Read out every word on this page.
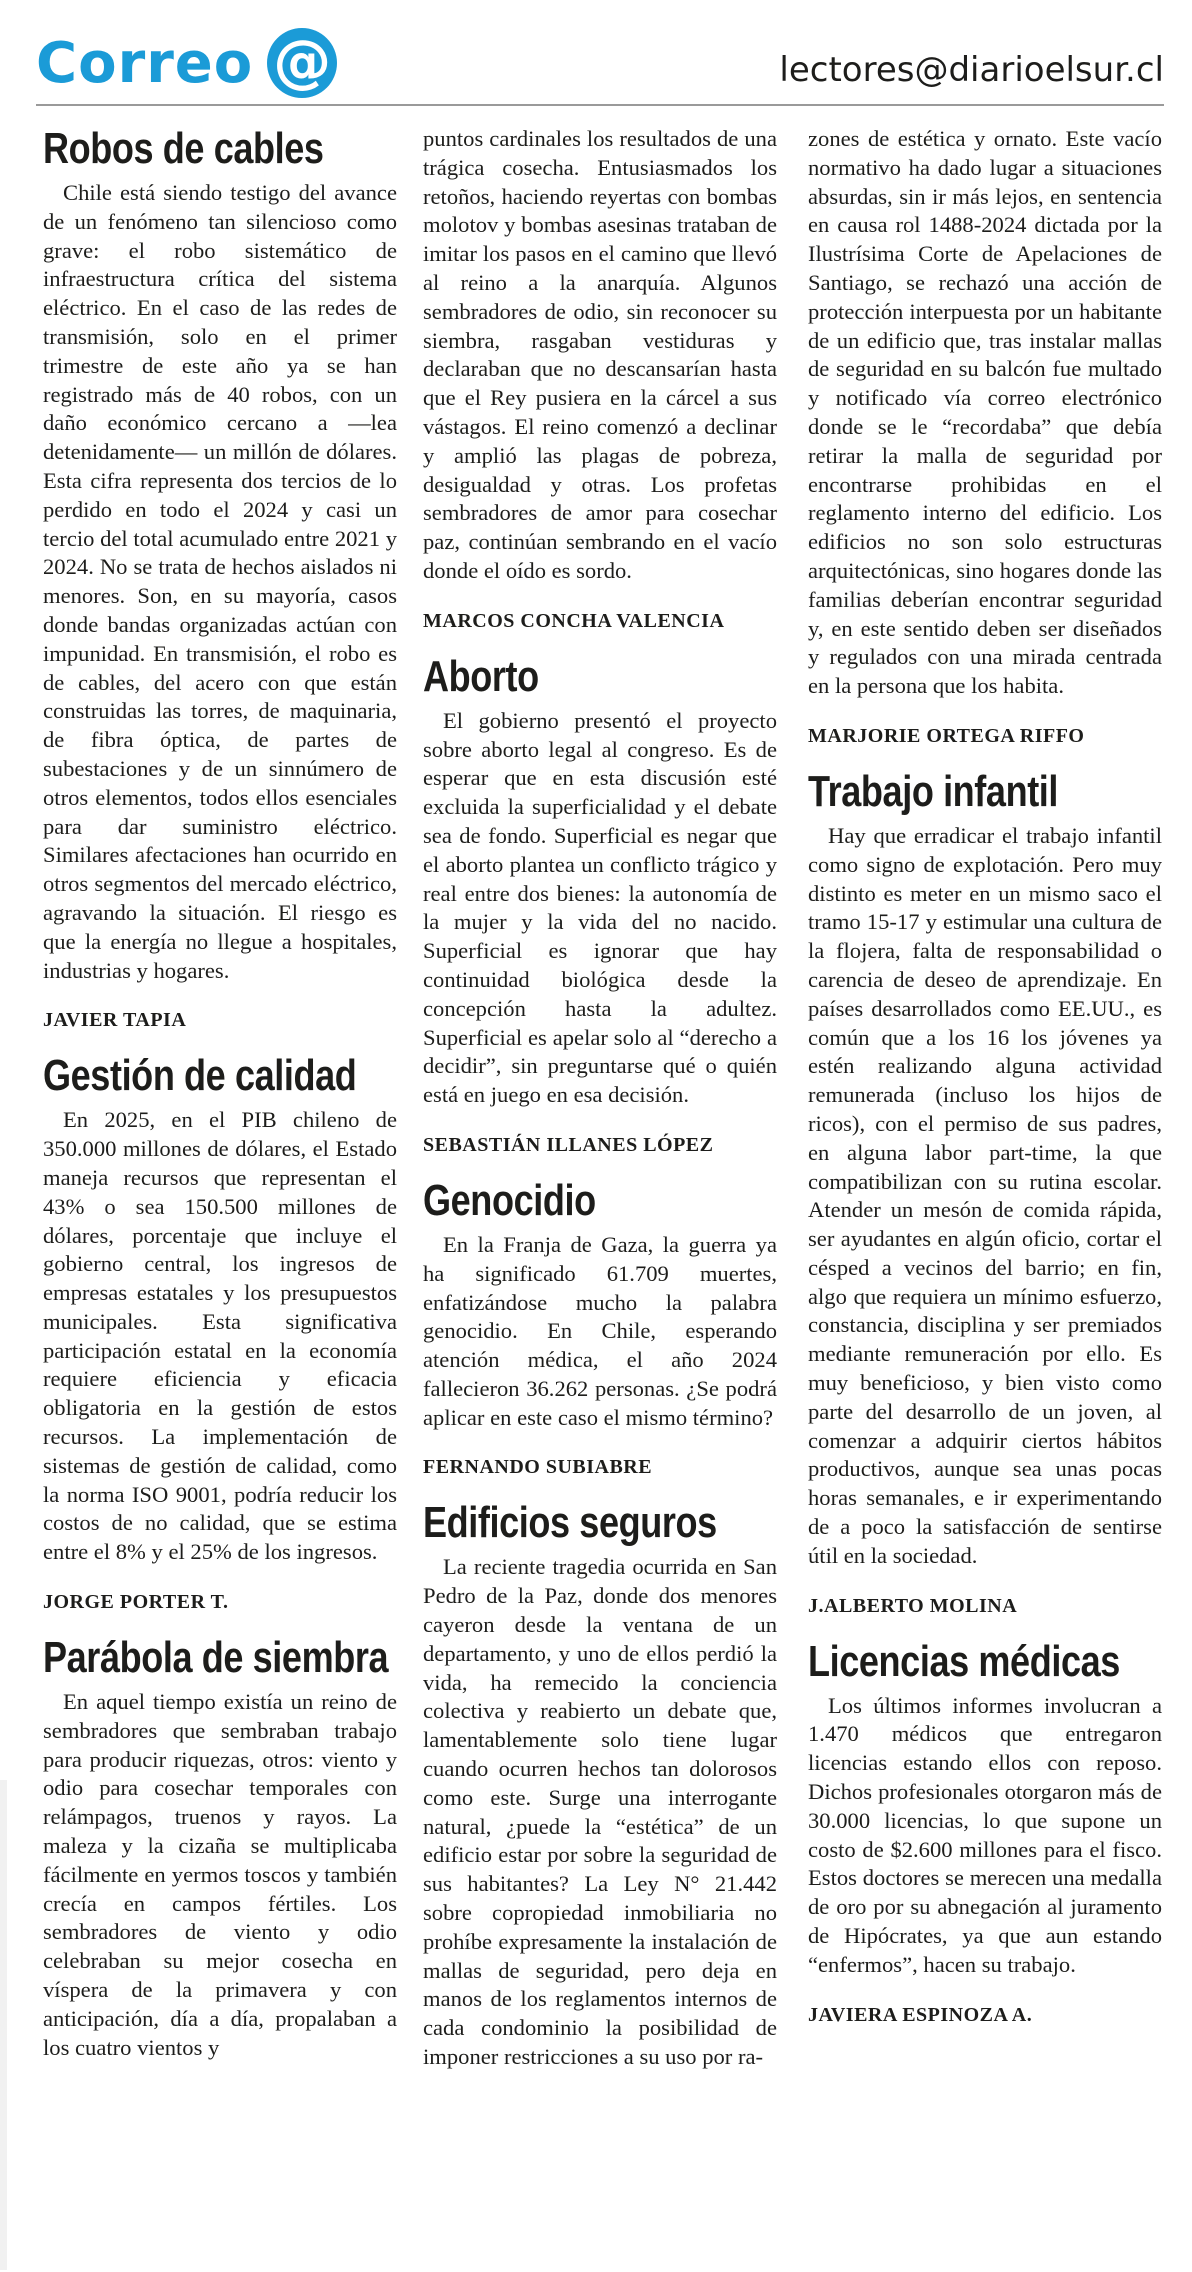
Correo @	lectores@diarioelsur.cl
Robos de cables

Chile está siendo testigo del avance de un fenómeno tan silencioso como grave: el robo sistemático de infraestructura crítica del sistema eléctrico. En el caso de las redes de transmisión, solo en el primer trimestre de este año ya se han registrado más de 40 robos, con un daño económico cercano a —lea detenidamente— un millón de dólares. Esta cifra representa dos tercios de lo perdido en todo el 2024 y casi un tercio del total acumulado entre 2021 y 2024. No se trata de hechos aislados ni menores. Son, en su mayoría, casos donde bandas organizadas actúan con impunidad. En transmisión, el robo es de cables, del acero con que están construidas las torres, de maquinaria, de fibra óptica, de partes de subestaciones y de un sinnúmero de otros elementos, todos ellos esenciales para dar suministro eléctrico. Similares afectaciones han ocurrido en otros segmentos del mercado eléctrico, agravando la situación. El riesgo es que la energía no llegue a hospitales, industrias y hogares.

JAVIER TAPIA
Gestión de calidad

En 2025, en el PIB chileno de 350.000 millones de dólares, el Estado maneja recursos que representan el 43% o sea 150.500 millones de dólares, porcentaje que incluye el gobierno central, los ingresos de empresas estatales y los presupuestos municipales. Esta significativa participación estatal en la economía requiere eficiencia y eficacia obligatoria en la gestión de estos recursos. La implementación de sistemas de gestión de calidad, como la norma ISO 9001, podría reducir los costos de no calidad, que se estima entre el 8% y el 25% de los ingresos.

JORGE PORTER T.
Parábola de siembra

En aquel tiempo existía un reino de sembradores que sembraban trabajo para producir riquezas, otros: viento y odio para cosechar temporales con relámpagos, truenos y rayos. La maleza y la cizaña se multiplicaba fácilmente en yermos toscos y también crecía en campos fértiles. Los sembradores de viento y odio celebraban su mejor cosecha en víspera de la primavera y con anticipación, día a día, propalaban a los cuatro vientos y

puntos cardinales los resultados de una trágica cosecha. Entusiasmados los retoños, haciendo reyertas con bombas molotov y bombas asesinas trataban de imitar los pasos en el camino que llevó al reino a la anarquía. Algunos sembradores de odio, sin reconocer su siembra, rasgaban vestiduras y declaraban que no descansarían hasta que el Rey pusiera en la cárcel a sus vástagos. El reino comenzó a declinar y amplió las plagas de pobreza, desigualdad y otras. Los profetas sembradores de amor para cosechar paz, continúan sembrando en el vacío donde el oído es sordo.

MARCOS CONCHA VALENCIA
Aborto

El gobierno presentó el proyecto sobre aborto legal al congreso. Es de esperar que en esta discusión esté excluida la superficialidad y el debate sea de fondo. Superficial es negar que el aborto plantea un conflicto trágico y real entre dos bienes: la autonomía de la mujer y la vida del no nacido. Superficial es ignorar que hay continuidad biológica desde la concepción hasta la adultez. Superficial es apelar solo al “derecho a decidir”, sin preguntarse qué o quién está en juego en esa decisión.

SEBASTIÁN ILLANES LÓPEZ
Genocidio

En la Franja de Gaza, la guerra ya ha significado 61.709 muertes, enfatizándose mucho la palabra genocidio. En Chile, esperando atención médica, el año 2024 fallecieron 36.262 personas. ¿Se podrá aplicar en este caso el mismo término?

FERNANDO SUBIABRE
Edificios seguros

La reciente tragedia ocurrida en San Pedro de la Paz, donde dos menores cayeron desde la ventana de un departamento, y uno de ellos perdió la vida, ha remecido la conciencia colectiva y reabierto un debate que, lamentablemente solo tiene lugar cuando ocurren hechos tan dolorosos como este. Surge una interrogante natural, ¿puede la “estética” de un edificio estar por sobre la seguridad de sus habitantes? La Ley N° 21.442 sobre copropiedad inmobiliaria no prohíbe expresamente la instalación de mallas de seguridad, pero deja en manos de los reglamentos internos de cada condominio la posibilidad de imponer restricciones a su uso por ra-

zones de estética y ornato. Este vacío normativo ha dado lugar a situaciones absurdas, sin ir más lejos, en sentencia en causa rol 1488-2024 dictada por la Ilustrísima Corte de Apelaciones de Santiago, se rechazó una acción de protección interpuesta por un habitante de un edificio que, tras instalar mallas de seguridad en su balcón fue multado y notificado vía correo electrónico donde se le “recordaba” que debía retirar la malla de seguridad por encontrarse prohibidas en el reglamento interno del edificio. Los edificios no son solo estructuras arquitectónicas, sino hogares donde las familias deberían encontrar seguridad y, en este sentido deben ser diseñados y regulados con una mirada centrada en la persona que los habita.

MARJORIE ORTEGA RIFFO
Trabajo infantil

Hay que erradicar el trabajo infantil como signo de explotación. Pero muy distinto es meter en un mismo saco el tramo 15-17 y estimular una cultura de la flojera, falta de responsabilidad o carencia de deseo de aprendizaje. En países desarrollados como EE.UU., es común que a los 16 los jóvenes ya estén realizando alguna actividad remunerada (incluso los hijos de ricos), con el permiso de sus padres, en alguna labor part-time, la que compatibilizan con su rutina escolar. Atender un mesón de comida rápida, ser ayudantes en algún oficio, cortar el césped a vecinos del barrio; en fin, algo que requiera un mínimo esfuerzo, constancia, disciplina y ser premiados mediante remuneración por ello. Es muy beneficioso, y bien visto como parte del desarrollo de un joven, al comenzar a adquirir ciertos hábitos productivos, aunque sea unas pocas horas semanales, e ir experimentando de a poco la satisfacción de sentirse útil en la sociedad.

J.ALBERTO MOLINA
Licencias médicas

Los últimos informes involucran a 1.470 médicos que entregaron licencias estando ellos con reposo. Dichos profesionales otorgaron más de 30.000 licencias, lo que supone un costo de $2.600 millones para el fisco. Estos doctores se merecen una medalla de oro por su abnegación al juramento de Hipócrates, ya que aun estando “enfermos”, hacen su trabajo.

JAVIERA ESPINOZA A.
